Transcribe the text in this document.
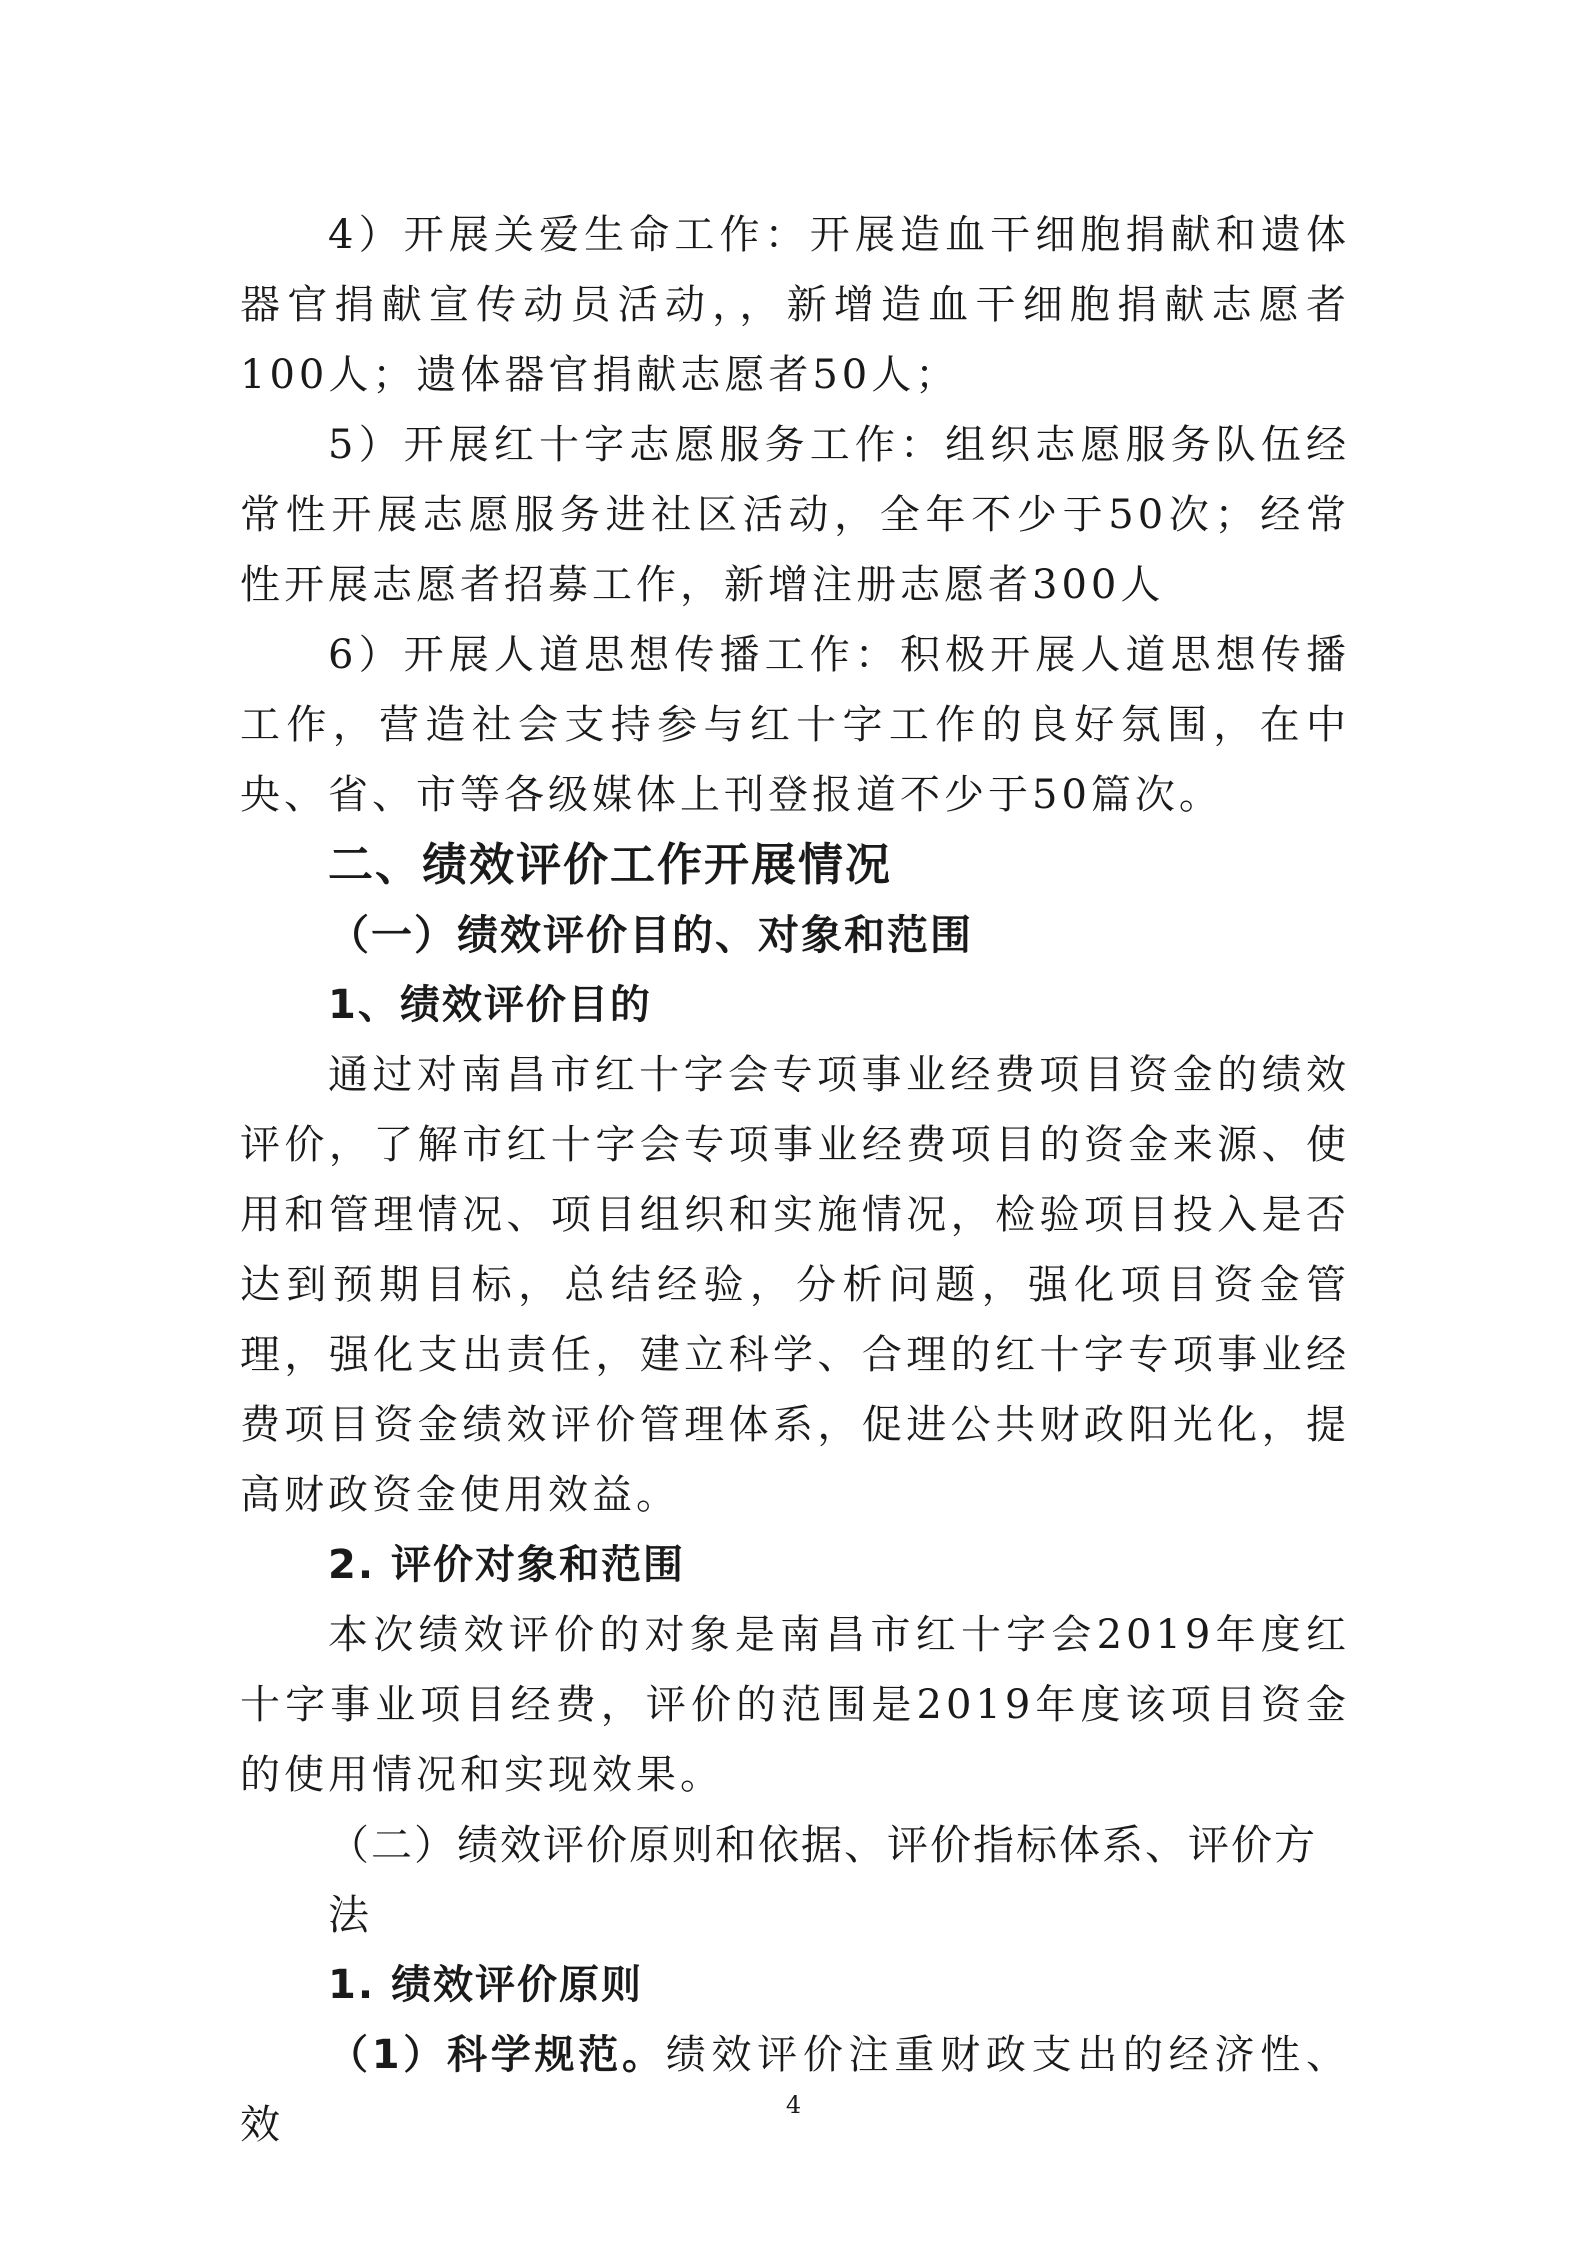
4）开展关爱生命工作：开展造血干细胞捐献和遗体器官捐献宣传动员活动，，新增造血干细胞捐献志愿者100人；遗体器官捐献志愿者50人；

5）开展红十字志愿服务工作：组织志愿服务队伍经常性开展志愿服务进社区活动，全年不少于50次；经常性开展志愿者招募工作，新增注册志愿者300人

6）开展人道思想传播工作：积极开展人道思想传播工作，营造社会支持参与红十字工作的良好氛围，在中央、省、市等各级媒体上刊登报道不少于50篇次。

二、绩效评价工作开展情况
（一）绩效评价目的、对象和范围
1、绩效评价目的

通过对南昌市红十字会专项事业经费项目资金的绩效评价，了解市红十字会专项事业经费项目的资金来源、使用和管理情况、项目组织和实施情况，检验项目投入是否达到预期目标，总结经验，分析问题，强化项目资金管理，强化支出责任，建立科学、合理的红十字专项事业经费项目资金绩效评价管理体系，促进公共财政阳光化，提高财政资金使用效益。

2. 评价对象和范围

本次绩效评价的对象是南昌市红十字会2019年度红十字事业项目经费，评价的范围是2019年度该项目资金的使用情况和实现效果。

（二）绩效评价原则和依据、评价指标体系、评价方法
1. 绩效评价原则

（1）科学规范。绩效评价注重财政支出的经济性、效	4
